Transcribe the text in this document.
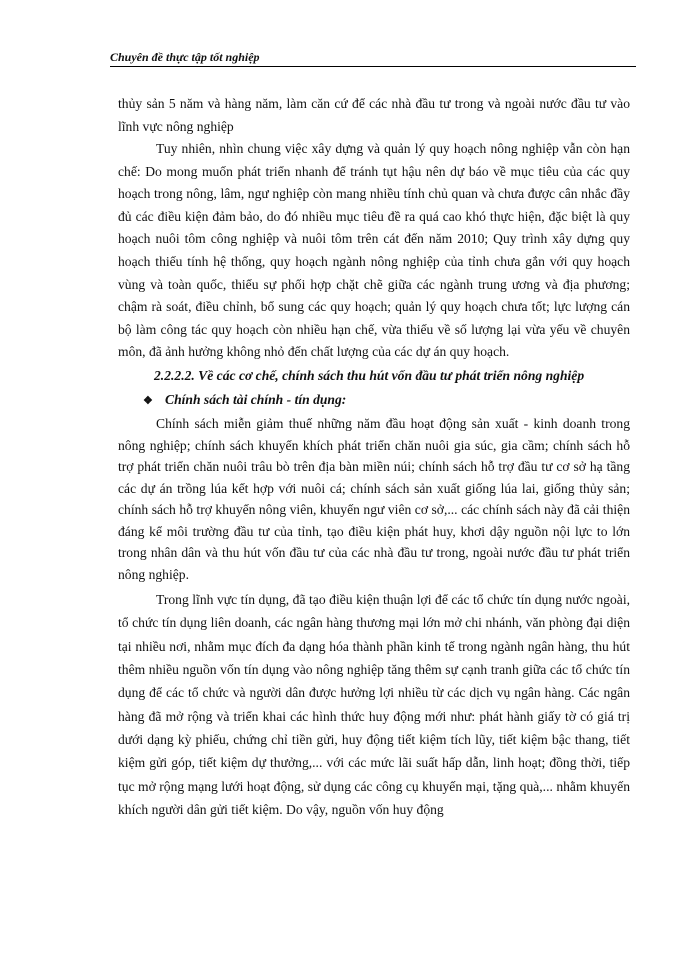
Chuyên đề thực tập tốt nghiệp

thủy sản 5 năm và hàng năm, làm căn cứ để các nhà đầu tư trong và ngoài nước đầu tư vào lĩnh vực nông nghiệp

Tuy nhiên, nhìn chung việc xây dựng và quản lý quy hoạch nông nghiệp vẫn còn hạn chế: Do mong muốn phát triển nhanh để tránh tụt hậu nên dự báo về mục tiêu của các quy hoạch trong nông, lâm, ngư nghiệp còn mang nhiều tính chủ quan và chưa được cân nhắc đầy đủ các điều kiện đảm bảo, do đó nhiều mục tiêu đề ra quá cao khó thực hiện, đặc biệt là quy hoạch nuôi tôm công nghiệp và nuôi tôm trên cát đến năm 2010; Quy trình xây dựng quy hoạch thiếu tính hệ thống, quy hoạch ngành nông nghiệp của tỉnh chưa gắn với quy hoạch vùng và toàn quốc, thiếu sự phối hợp chặt chẽ giữa các ngành trung ương và địa phương; chậm rà soát, điều chỉnh, bổ sung các quy hoạch; quản lý quy hoạch chưa tốt; lực lượng cán bộ làm công tác quy hoạch còn nhiều hạn chế, vừa thiếu về số lượng lại vừa yếu về chuyên môn, đã ảnh hưởng không nhỏ đến chất lượng của các dự án quy hoạch.

2.2.2.2. Về các cơ chế, chính sách thu hút vốn đầu tư phát triển nông nghiệp

❖ Chính sách tài chính - tín dụng:

Chính sách miễn giảm thuế những năm đầu hoạt động sản xuất - kinh doanh trong nông nghiệp; chính sách khuyến khích phát triển chăn nuôi gia súc, gia cầm; chính sách hỗ trợ phát triển chăn nuôi trâu bò trên địa bàn miền núi; chính sách hỗ trợ đầu tư cơ sở hạ tầng các dự án trồng lúa kết hợp với nuôi cá; chính sách sản xuất giống lúa lai, giống thủy sản; chính sách hỗ trợ khuyến nông viên, khuyến ngư viên cơ sở,... các chính sách này đã cải thiện đáng kể môi trường đầu tư của tỉnh, tạo điều kiện phát huy, khơi dậy nguồn nội lực to lớn trong nhân dân và thu hút vốn đầu tư của các nhà đầu tư trong, ngoài nước đầu tư phát triển nông nghiệp.

Trong lĩnh vực tín dụng, đã tạo điều kiện thuận lợi để các tổ chức tín dụng nước ngoài, tổ chức tín dụng liên doanh, các ngân hàng thương mại lớn mở chi nhánh, văn phòng đại diện tại nhiều nơi, nhằm mục đích đa dạng hóa thành phần kinh tế trong ngành ngân hàng, thu hút thêm nhiều nguồn vốn tín dụng vào nông nghiệp tăng thêm sự cạnh tranh giữa các tổ chức tín dụng để các tổ chức và người dân được hưởng lợi nhiều từ các dịch vụ ngân hàng. Các ngân hàng đã mở rộng và triển khai các hình thức huy động mới như: phát hành giấy tờ có giá trị dưới dạng kỳ phiếu, chứng chỉ tiền gửi, huy động tiết kiệm tích lũy, tiết kiệm bậc thang, tiết kiệm gửi góp, tiết kiệm dự thưởng,... với các mức lãi suất hấp dẫn, linh hoạt; đồng thời, tiếp tục mở rộng mạng lưới hoạt động, sử dụng các công cụ khuyến mại, tặng quà,... nhằm khuyến khích người dân gửi tiết kiệm. Do vậy, nguồn vốn huy động
